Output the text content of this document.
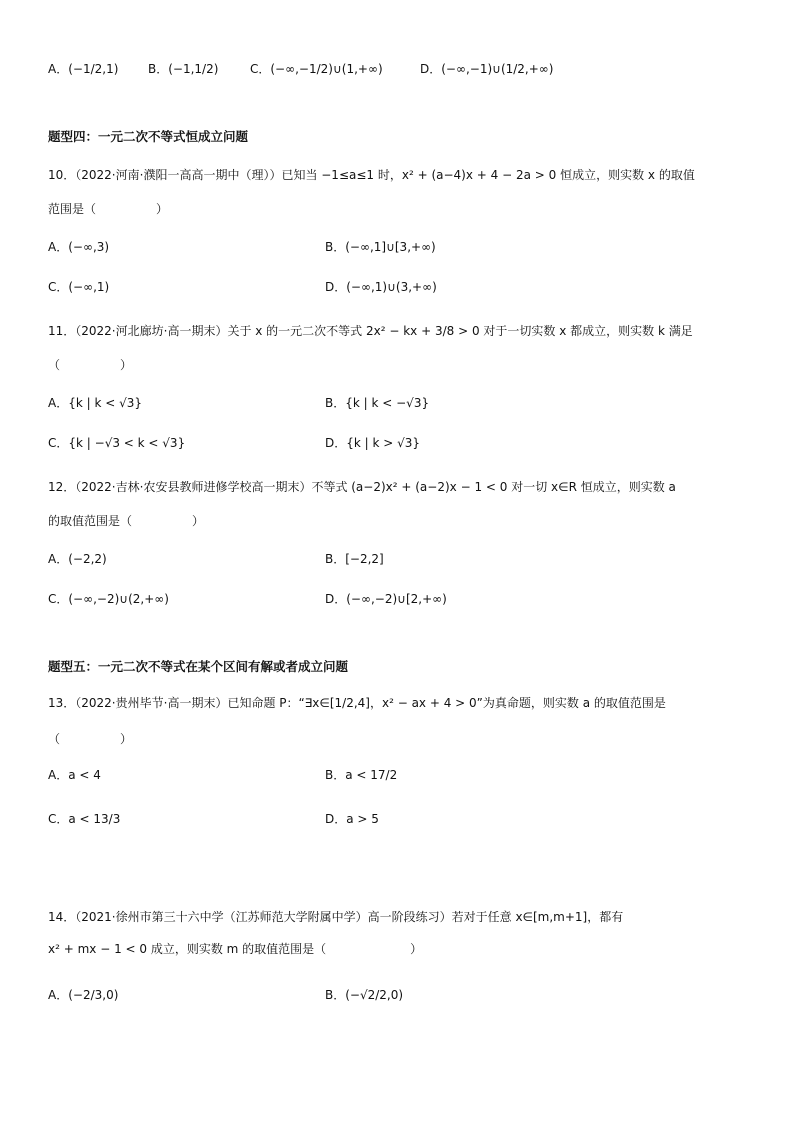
A．(−1/2,1) B．(−1,1/2)	C．(−∞,−1/2)∪(1,+∞)	D．(−∞,−1)∪(1/2,+∞)
题型四：一元二次不等式恒成立问题
10．（2022·河南·濮阳一高高一期中（理））已知当 −1≤a≤1 时，x² + (a−4)x + 4 − 2a > 0 恒成立，则实数 x 的取值
范围是（　　　　　）
A．(−∞,3)	B．(−∞,1]∪[3,+∞)
C．(−∞,1)	D．(−∞,1)∪(3,+∞)
11．（2022·河北廊坊·高一期末）关于 x 的一元二次不等式 2x² − kx + 3/8 > 0 对于一切实数 x 都成立，则实数 k 满足
（　　　　　）
A．{k | k < √3}	B．{k | k < −√3}
C．{k | −√3 < k < √3}	D．{k | k > √3}
12．（2022·吉林·农安县教师进修学校高一期末）不等式 (a−2)x² + (a−2)x − 1 < 0 对一切 x∈R 恒成立，则实数 a
的取值范围是（　　　　　）
A．(−2,2)	B．[−2,2]
C．(−∞,−2)∪(2,+∞)	D．(−∞,−2)∪[2,+∞)
题型五：一元二次不等式在某个区间有解或者成立问题
13．（2022·贵州毕节·高一期末）已知命题 P：“∃x∈[1/2,4]，x² − ax + 4 > 0”为真命题，则实数 a 的取值范围是
（　　　　　）
A．a < 4	B．a < 17/2
C．a < 13/3	D．a > 5
14．（2021·徐州市第三十六中学（江苏师范大学附属中学）高一阶段练习）若对于任意 x∈[m,m+1]，都有
x² + mx − 1 < 0 成立，则实数 m 的取值范围是（　　　　　　　）
A．(−2/3,0)	B．(−√2/2,0)
